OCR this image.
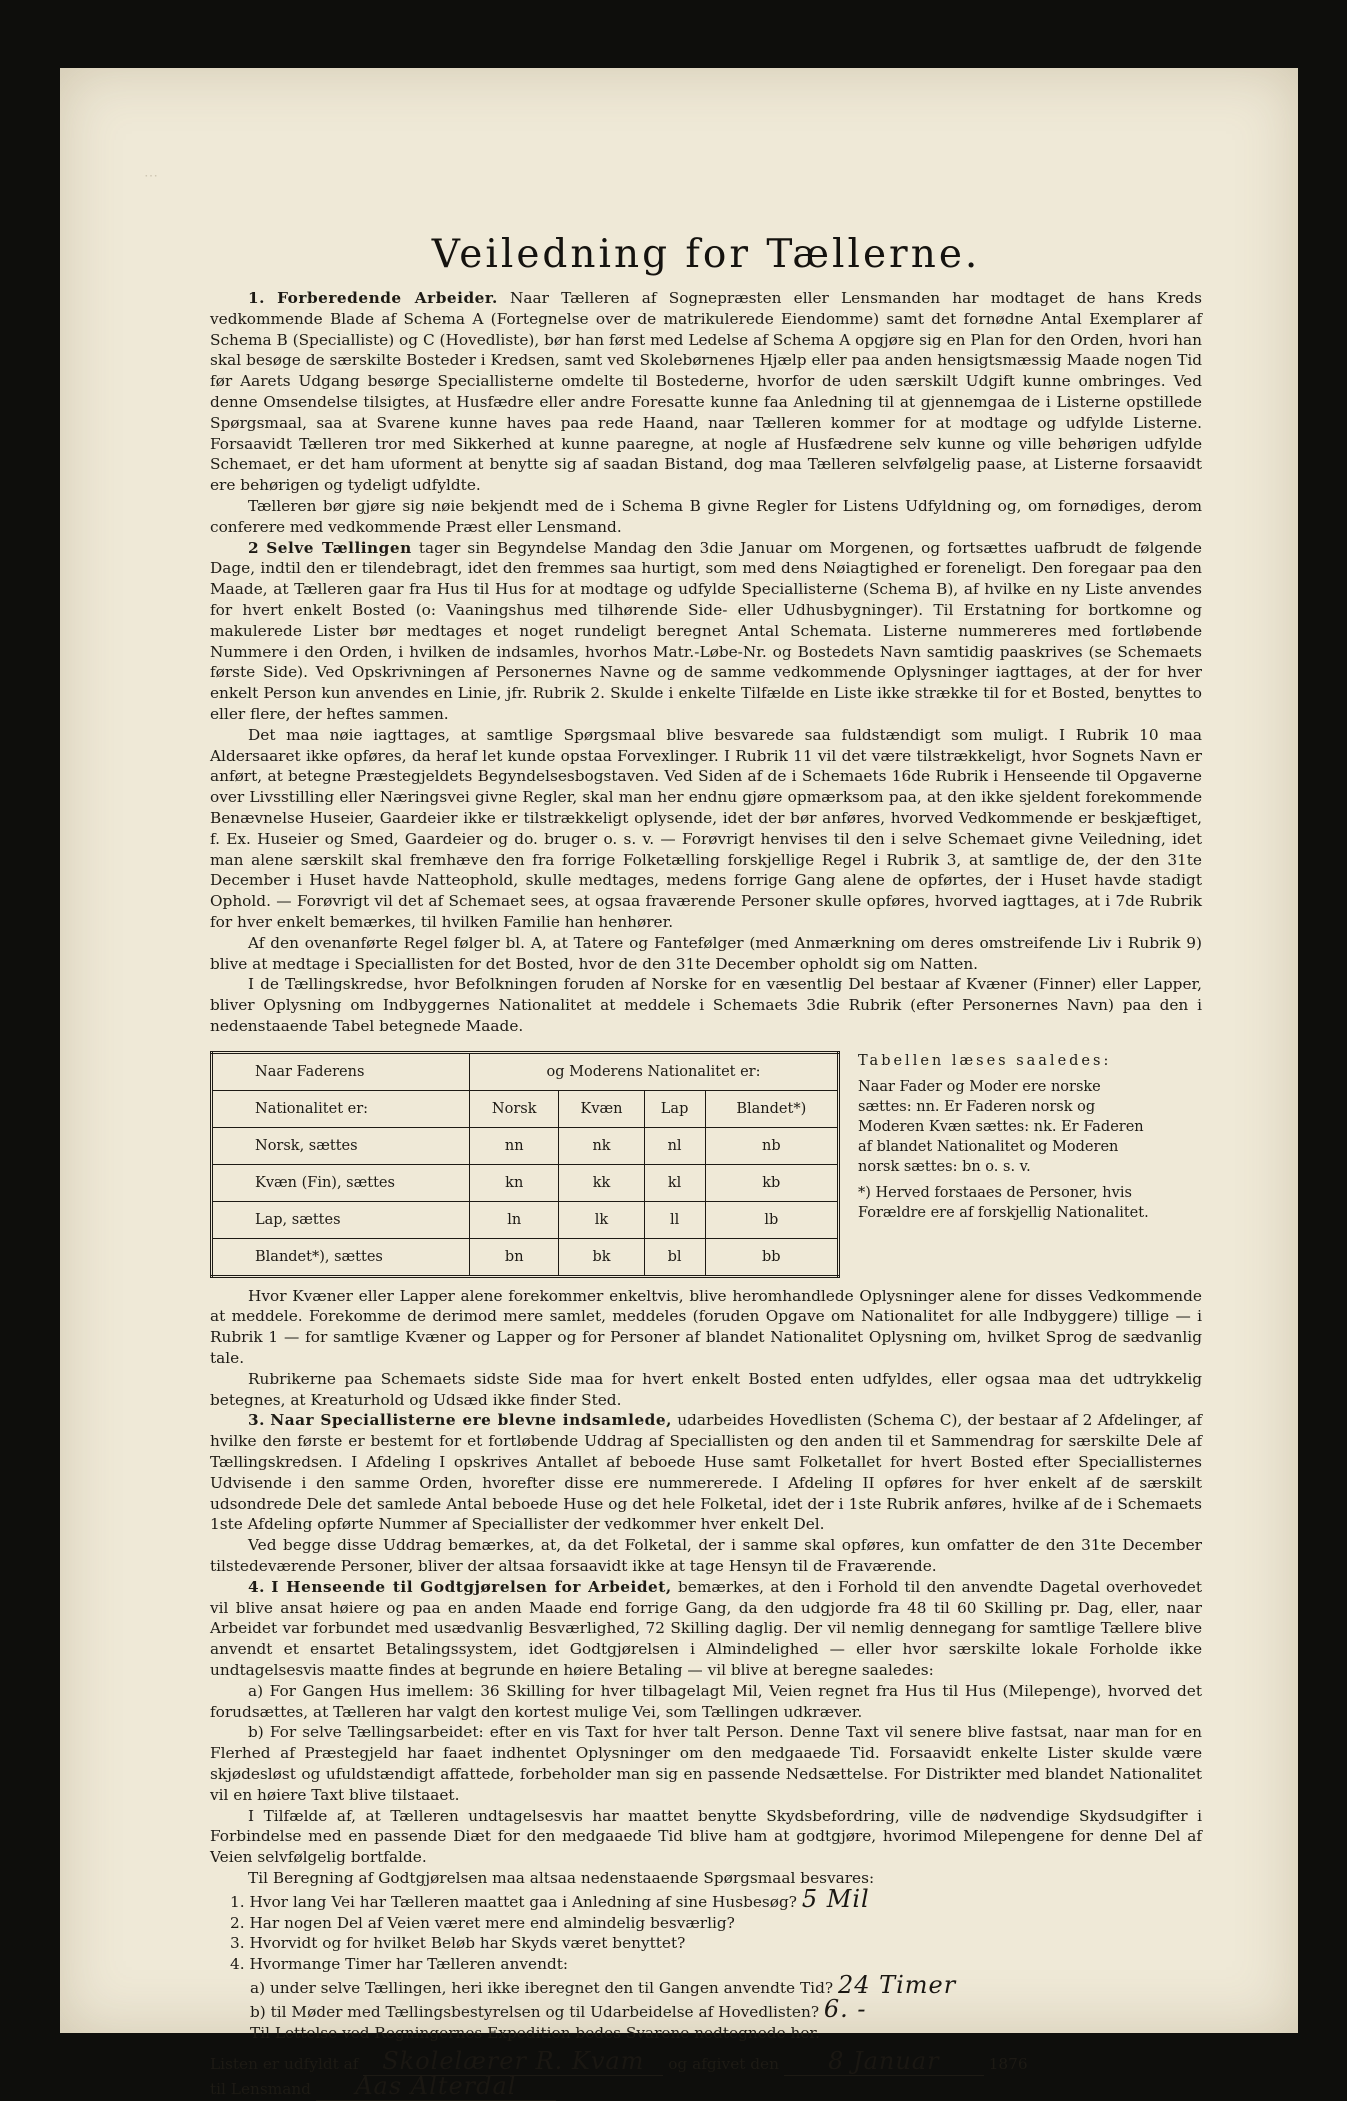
⋯
Veiledning for Tællerne.

1. Forberedende Arbeider. Naar Tælleren af Sognepræsten eller Lensmanden har modtaget de hans Kreds vedkommende Blade af Schema A (Fortegnelse over de matrikulerede Eiendomme) samt det fornødne Antal Exemplarer af Schema B (Specialliste) og C (Hovedliste), bør han først med Ledelse af Schema A opgjøre sig en Plan for den Orden, hvori han skal besøge de særskilte Bosteder i Kredsen, samt ved Skolebørnenes Hjælp eller paa anden hensigtsmæssig Maade nogen Tid før Aarets Udgang besørge Speciallisterne omdelte til Bostederne, hvorfor de uden særskilt Udgift kunne ombringes. Ved denne Omsendelse tilsigtes, at Husfædre eller andre Foresatte kunne faa Anledning til at gjennemgaa de i Listerne opstillede Spørgsmaal, saa at Svarene kunne haves paa rede Haand, naar Tælleren kommer for at modtage og udfylde Listerne. Forsaavidt Tælleren tror med Sikkerhed at kunne paaregne, at nogle af Husfædrene selv kunne og ville behørigen udfylde Schemaet, er det ham uforment at benytte sig af saadan Bistand, dog maa Tælleren selvfølgelig paase, at Listerne forsaavidt ere behørigen og tydeligt udfyldte.

Tælleren bør gjøre sig nøie bekjendt med de i Schema B givne Regler for Listens Udfyldning og, om fornødiges, derom conferere med vedkommende Præst eller Lensmand.

2 Selve Tællingen tager sin Begyndelse Mandag den 3die Januar om Morgenen, og fortsættes uafbrudt de følgende Dage, indtil den er tilendebragt, idet den fremmes saa hurtigt, som med dens Nøiagtighed er foreneligt. Den foregaar paa den Maade, at Tælleren gaar fra Hus til Hus for at modtage og udfylde Speciallisterne (Schema B), af hvilke en ny Liste anvendes for hvert enkelt Bosted (o: Vaaningshus med tilhørende Side- eller Udhusbygninger). Til Erstatning for bortkomne og makulerede Lister bør medtages et noget rundeligt beregnet Antal Schemata. Listerne nummereres med fortløbende Nummere i den Orden, i hvilken de indsamles, hvorhos Matr.-Løbe-Nr. og Bostedets Navn samtidig paaskrives (se Schemaets første Side). Ved Opskrivningen af Personernes Navne og de samme vedkommende Oplysninger iagttages, at der for hver enkelt Person kun anvendes en Linie, jfr. Rubrik 2. Skulde i enkelte Tilfælde en Liste ikke strække til for et Bosted, benyttes to eller flere, der heftes sammen.

Det maa nøie iagttages, at samtlige Spørgsmaal blive besvarede saa fuldstændigt som muligt. I Rubrik 10 maa Aldersaaret ikke opføres, da heraf let kunde opstaa Forvexlinger. I Rubrik 11 vil det være tilstrækkeligt, hvor Sognets Navn er anført, at betegne Præstegjeldets Begyndelsesbogstaven. Ved Siden af de i Schemaets 16de Rubrik i Henseende til Opgaverne over Livsstilling eller Næringsvei givne Regler, skal man her endnu gjøre opmærksom paa, at den ikke sjeldent forekommende Benævnelse Huseier, Gaardeier ikke er tilstrækkeligt oplysende, idet der bør anføres, hvorved Vedkommende er beskjæftiget, f. Ex. Huseier og Smed, Gaardeier og do. bruger o. s. v. — Forøvrigt henvises til den i selve Schemaet givne Veiledning, idet man alene særskilt skal fremhæve den fra forrige Folketælling forskjellige Regel i Rubrik 3, at samtlige de, der den 31te December i Huset havde Natteophold, skulle medtages, medens forrige Gang alene de opførtes, der i Huset havde stadigt Ophold. — Forøvrigt vil det af Schemaet sees, at ogsaa fraværende Personer skulle opføres, hvorved iagttages, at i 7de Rubrik for hver enkelt bemærkes, til hvilken Familie han henhører.

Af den ovenanførte Regel følger bl. A, at Tatere og Fantefølger (med Anmærkning om deres omstreifende Liv i Rubrik 9) blive at medtage i Speciallisten for det Bosted, hvor de den 31te December opholdt sig om Natten.

I de Tællingskredse, hvor Befolkningen foruden af Norske for en væsentlig Del bestaar af Kvæner (Finner) eller Lapper, bliver Oplysning om Indbyggernes Nationalitet at meddele i Schemaets 3die Rubrik (efter Personernes Navn) paa den i nedenstaaende Tabel betegnede Maade.

Naar Faderens	og Moderens Nationalitet er:			
Nationalitet er:	Norsk	Kvæn	Lap	Blandet*)
Norsk, sættes	nn	nk	nl	nb
Kvæn (Fin), sættes	kn	kk	kl	kb
Lap, sættes	ln	lk	ll	lb
Blandet*), sættes	bn	bk	bl	bb

Tabellen læses saaledes:

Naar Fader og Moder ere norske sættes: nn. Er Faderen norsk og Moderen Kvæn sættes: nk. Er Faderen af blandet Nationalitet og Moderen norsk sættes: bn o. s. v.

*) Herved forstaaes de Personer, hvis Forældre ere af forskjellig Nationalitet.

Hvor Kvæner eller Lapper alene forekommer enkeltvis, blive heromhandlede Oplysninger alene for disses Vedkommende at meddele. Forekomme de derimod mere samlet, meddeles (foruden Opgave om Nationalitet for alle Indbyggere) tillige — i Rubrik 1 — for samtlige Kvæner og Lapper og for Personer af blandet Nationalitet Oplysning om, hvilket Sprog de sædvanlig tale.

Rubrikerne paa Schemaets sidste Side maa for hvert enkelt Bosted enten udfyldes, eller ogsaa maa det udtrykkelig betegnes, at Kreaturhold og Udsæd ikke finder Sted.

3. Naar Speciallisterne ere blevne indsamlede, udarbeides Hovedlisten (Schema C), der bestaar af 2 Afdelinger, af hvilke den første er bestemt for et fortløbende Uddrag af Speciallisten og den anden til et Sammendrag for særskilte Dele af Tællingskredsen. I Afdeling I opskrives Antallet af beboede Huse samt Folketallet for hvert Bosted efter Speciallisternes Udvisende i den samme Orden, hvorefter disse ere nummererede. I Afdeling II opføres for hver enkelt af de særskilt udsondrede Dele det samlede Antal beboede Huse og det hele Folketal, idet der i 1ste Rubrik anføres, hvilke af de i Schemaets 1ste Afdeling opførte Nummer af Speciallister der vedkommer hver enkelt Del.

Ved begge disse Uddrag bemærkes, at, da det Folketal, der i samme skal opføres, kun omfatter de den 31te December tilstedeværende Personer, bliver der altsaa forsaavidt ikke at tage Hensyn til de Fraværende.

4. I Henseende til Godtgjørelsen for Arbeidet, bemærkes, at den i Forhold til den anvendte Dagetal overhovedet vil blive ansat høiere og paa en anden Maade end forrige Gang, da den udgjorde fra 48 til 60 Skilling pr. Dag, eller, naar Arbeidet var forbundet med usædvanlig Besværlighed, 72 Skilling daglig. Der vil nemlig dennegang for samtlige Tællere blive anvendt et ensartet Betalingssystem, idet Godtgjørelsen i Almindelighed — eller hvor særskilte lokale Forholde ikke undtagelsesvis maatte findes at begrunde en høiere Betaling — vil blive at beregne saaledes:

a) For Gangen Hus imellem: 36 Skilling for hver tilbagelagt Mil, Veien regnet fra Hus til Hus (Milepenge), hvorved det forudsættes, at Tælleren har valgt den kortest mulige Vei, som Tællingen udkræver.

b) For selve Tællingsarbeidet: efter en vis Taxt for hver talt Person. Denne Taxt vil senere blive fastsat, naar man for en Flerhed af Præstegjeld har faaet indhentet Oplysninger om den medgaaede Tid. Forsaavidt enkelte Lister skulde være skjødesløst og ufuldstændigt affattede, forbeholder man sig en passende Nedsættelse. For Distrikter med blandet Nationalitet vil en høiere Taxt blive tilstaaet.

I Tilfælde af, at Tælleren undtagelsesvis har maattet benytte Skydsbefordring, ville de nødvendige Skydsudgifter i Forbindelse med en passende Diæt for den medgaaede Tid blive ham at godtgjøre, hvorimod Milepengene for denne Del af Veien selvfølgelig bortfalde.

Til Beregning af Godtgjørelsen maa altsaa nedenstaaende Spørgsmaal besvares:

1. Hvor lang Vei har Tælleren maattet gaa i Anledning af sine Husbesøg? 5 Mil
2. Har nogen Del af Veien været mere end almindelig besværlig?
3. Hvorvidt og for hvilket Beløb har Skyds været benyttet?
4. Hvormange Timer har Tælleren anvendt:
a) under selve Tællingen, heri ikke iberegnet den til Gangen anvendte Tid? 24 Timer
b) til Møder med Tællingsbestyrelsen og til Udarbeidelse af Hovedlisten? 6. -
Til Lettelse ved Regningernes Expedition bedes Svarene nedtegnede her.
Listen er udfyldt af Skolelærer R. Kvam og afgivet den 8 Januar	1876
til Lensmand Aas Alterdal
